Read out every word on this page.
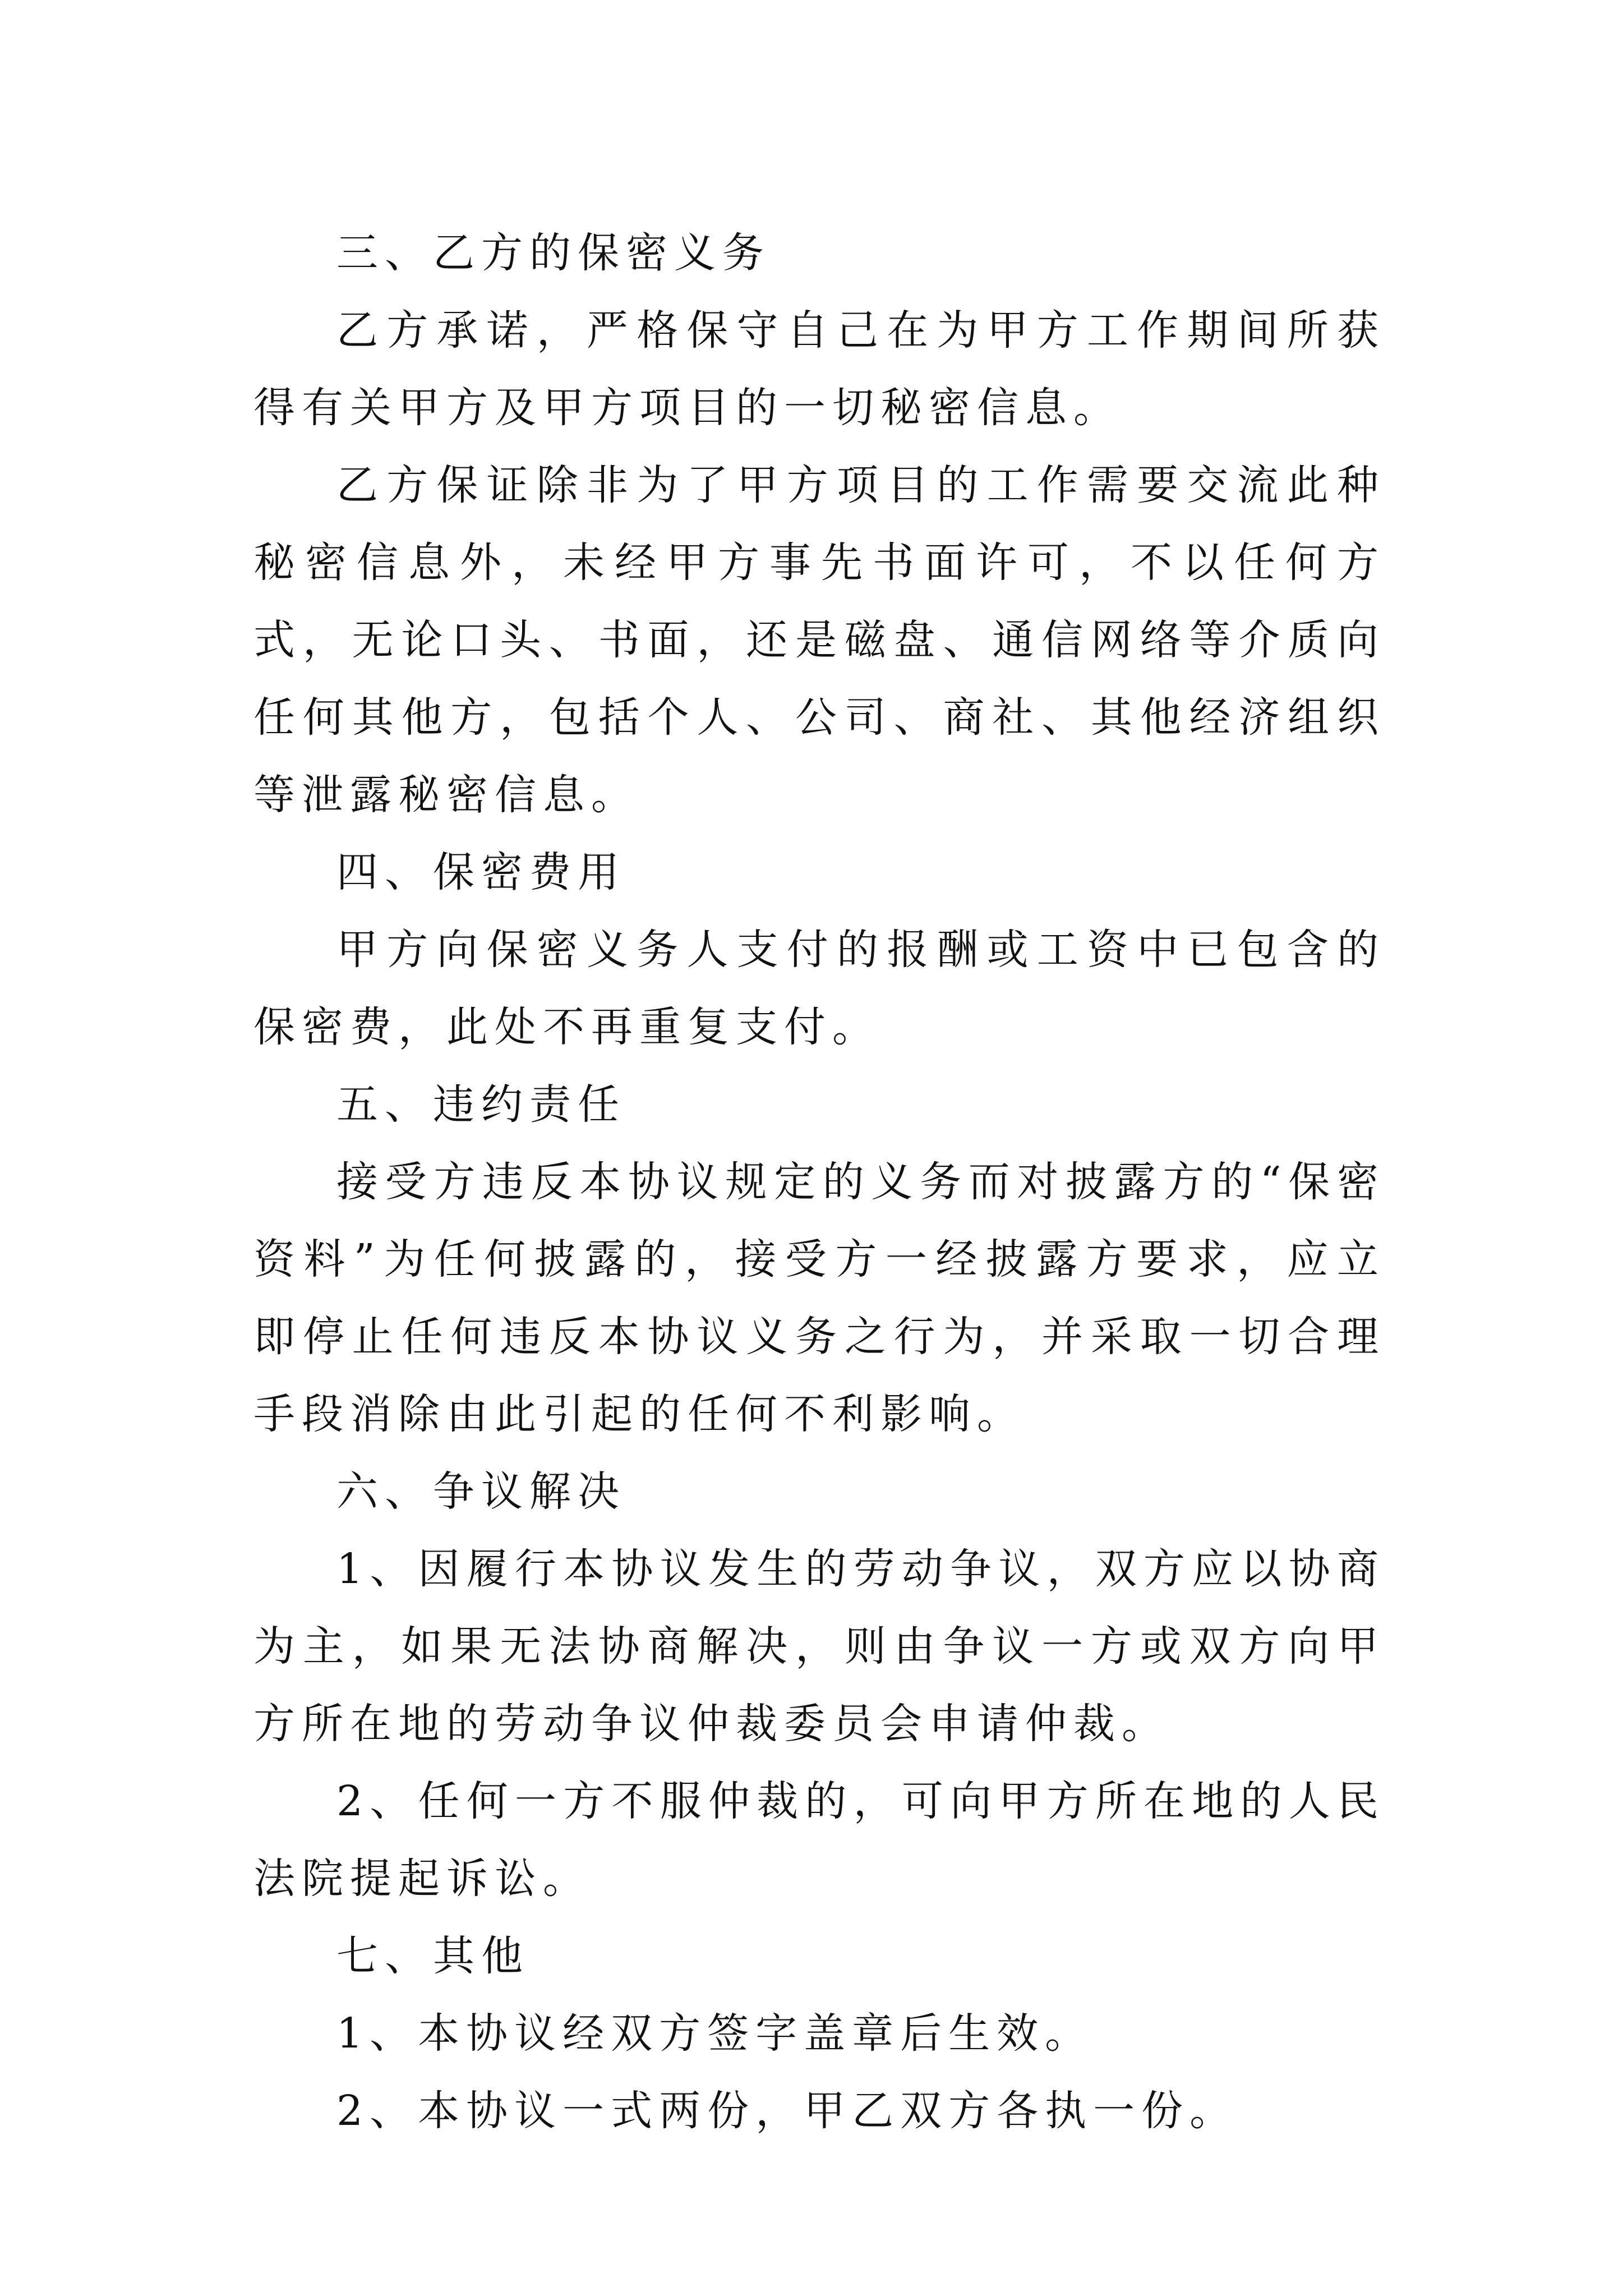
三、乙方的保密义务

乙方承诺，严格保守自己在为甲方工作期间所获得有关甲方及甲方项目的一切秘密信息。

乙方保证除非为了甲方项目的工作需要交流此种秘密信息外，未经甲方事先书面许可，不以任何方式，无论口头、书面，还是磁盘、通信网络等介质向任何其他方，包括个人、公司、商社、其他经济组织等泄露秘密信息。

四、保密费用

甲方向保密义务人支付的报酬或工资中已包含的保密费，此处不再重复支付。

五、违约责任

接受方违反本协议规定的义务而对披露方的“保密资料”为任何披露的，接受方一经披露方要求，应立即停止任何违反本协议义务之行为，并采取一切合理手段消除由此引起的任何不利影响。

六、争议解决

1、因履行本协议发生的劳动争议，双方应以协商为主，如果无法协商解决，则由争议一方或双方向甲方所在地的劳动争议仲裁委员会申请仲裁。

2、任何一方不服仲裁的，可向甲方所在地的人民法院提起诉讼。

七、其他

1、本协议经双方签字盖章后生效。

2、本协议一式两份，甲乙双方各执一份。
